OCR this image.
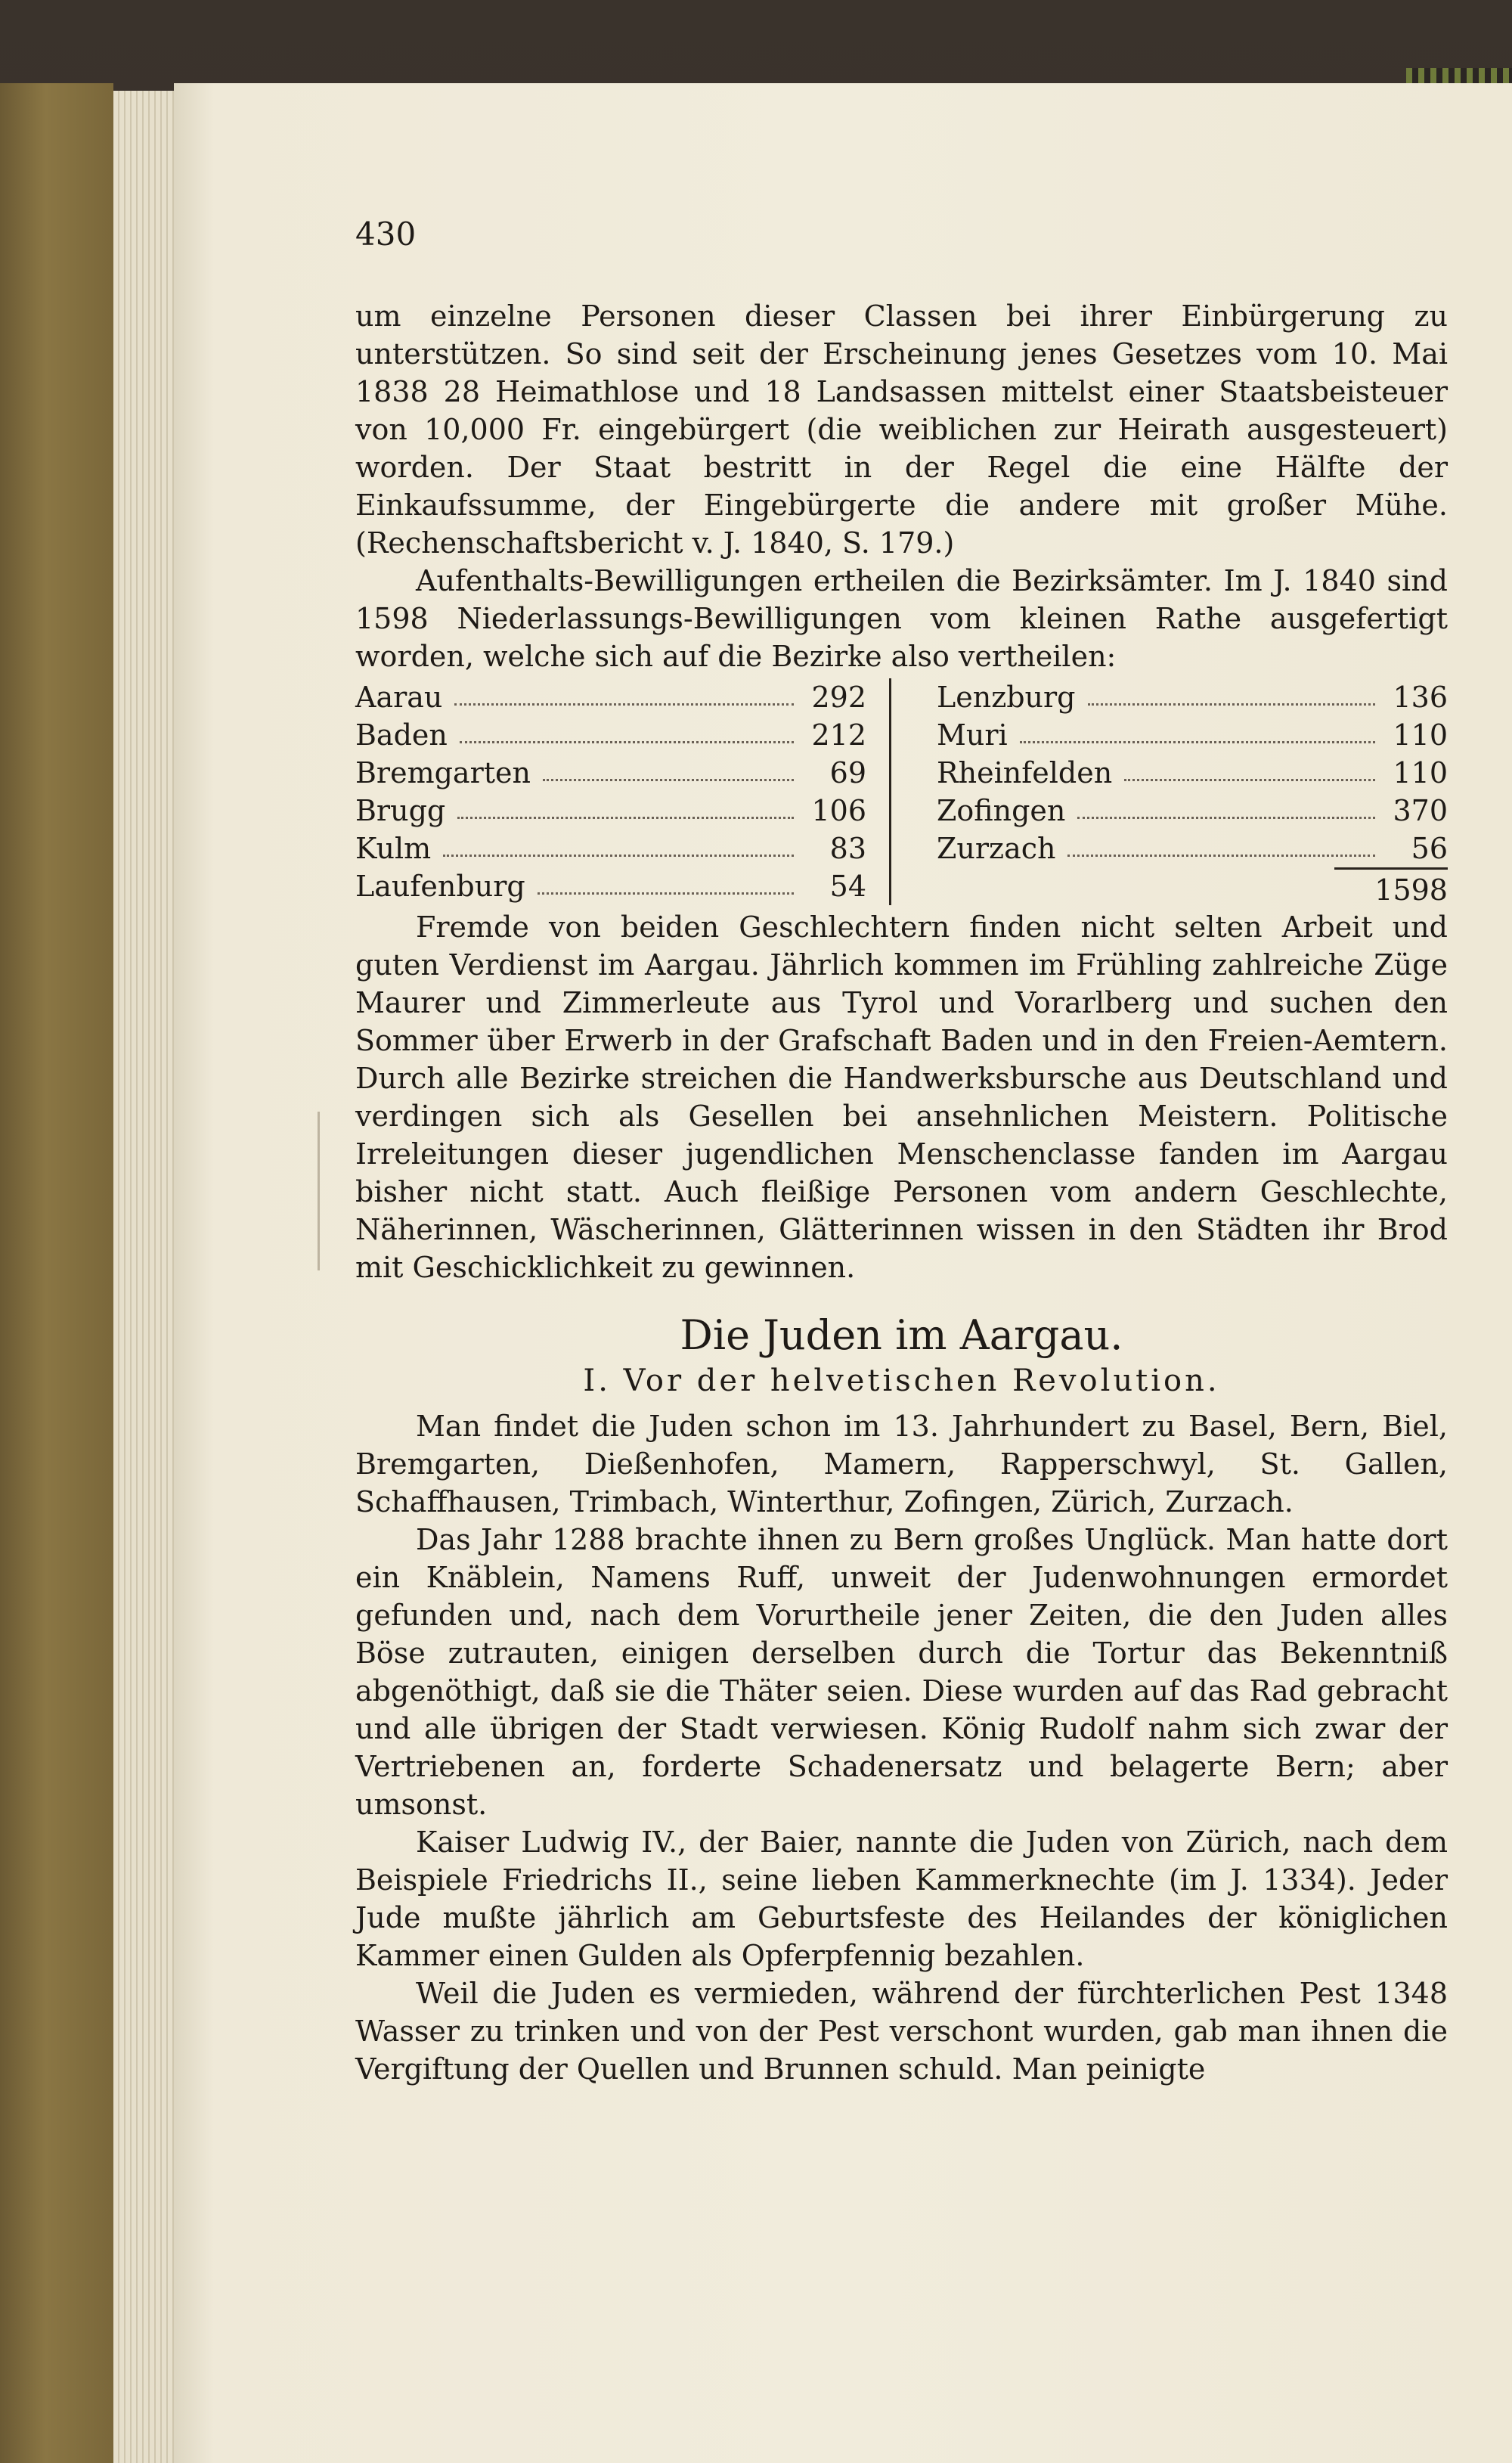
430

um einzelne Personen dieser Classen bei ihrer Einbürgerung zu unterstützen. So sind seit der Erscheinung jenes Gesetzes vom 10. Mai 1838 28 Heimathlose und 18 Landsassen mittelst einer Staatsbeisteuer von 10,000 Fr. eingebürgert (die weiblichen zur Heirath ausgesteuert) worden. Der Staat bestritt in der Regel die eine Hälfte der Einkaufssumme, der Eingebürgerte die andere mit großer Mühe. (Rechenschaftsbericht v. J. 1840, S. 179.)

Aufenthalts-Bewilligungen ertheilen die Bezirksämter. Im J. 1840 sind 1598 Niederlassungs-Bewilligungen vom kleinen Rathe ausgefertigt worden, welche sich auf die Bezirke also vertheilen:

Aarau	292
Baden	212
Bremgarten	69
Brugg	106
Kulm	83
Laufenburg	54
Lenzburg	136
Muri	110
Rheinfelden	110
Zofingen	370
Zurzach	56
1598

Fremde von beiden Geschlechtern finden nicht selten Arbeit und guten Verdienst im Aargau. Jährlich kommen im Frühling zahlreiche Züge Maurer und Zimmerleute aus Tyrol und Vorarlberg und suchen den Sommer über Erwerb in der Grafschaft Baden und in den Freien-Aemtern. Durch alle Bezirke streichen die Handwerksbursche aus Deutschland und verdingen sich als Gesellen bei ansehnlichen Meistern. Politische Irreleitungen dieser jugendlichen Menschenclasse fanden im Aargau bisher nicht statt. Auch fleißige Personen vom andern Geschlechte, Näherinnen, Wäscherinnen, Glätterinnen wissen in den Städten ihr Brod mit Geschicklichkeit zu gewinnen.

Die Juden im Aargau.
I. Vor der helvetischen Revolution.

Man findet die Juden schon im 13. Jahrhundert zu Basel, Bern, Biel, Bremgarten, Dießenhofen, Mamern, Rapperschwyl, St. Gallen, Schaffhausen, Trimbach, Winterthur, Zofingen, Zürich, Zurzach.

Das Jahr 1288 brachte ihnen zu Bern großes Unglück. Man hatte dort ein Knäblein, Namens Ruff, unweit der Judenwohnungen ermordet gefunden und, nach dem Vorurtheile jener Zeiten, die den Juden alles Böse zutrauten, einigen derselben durch die Tortur das Bekenntniß abgenöthigt, daß sie die Thäter seien. Diese wurden auf das Rad gebracht und alle übrigen der Stadt verwiesen. König Rudolf nahm sich zwar der Vertriebenen an, forderte Schadenersatz und belagerte Bern; aber umsonst.

Kaiser Ludwig IV., der Baier, nannte die Juden von Zürich, nach dem Beispiele Friedrichs II., seine lieben Kammerknechte (im J. 1334). Jeder Jude mußte jährlich am Geburtsfeste des Heilandes der königlichen Kammer einen Gulden als Opferpfennig bezahlen.

Weil die Juden es vermieden, während der fürchterlichen Pest 1348 Wasser zu trinken und von der Pest verschont wurden, gab man ihnen die Vergiftung der Quellen und Brunnen schuld. Man peinigte
